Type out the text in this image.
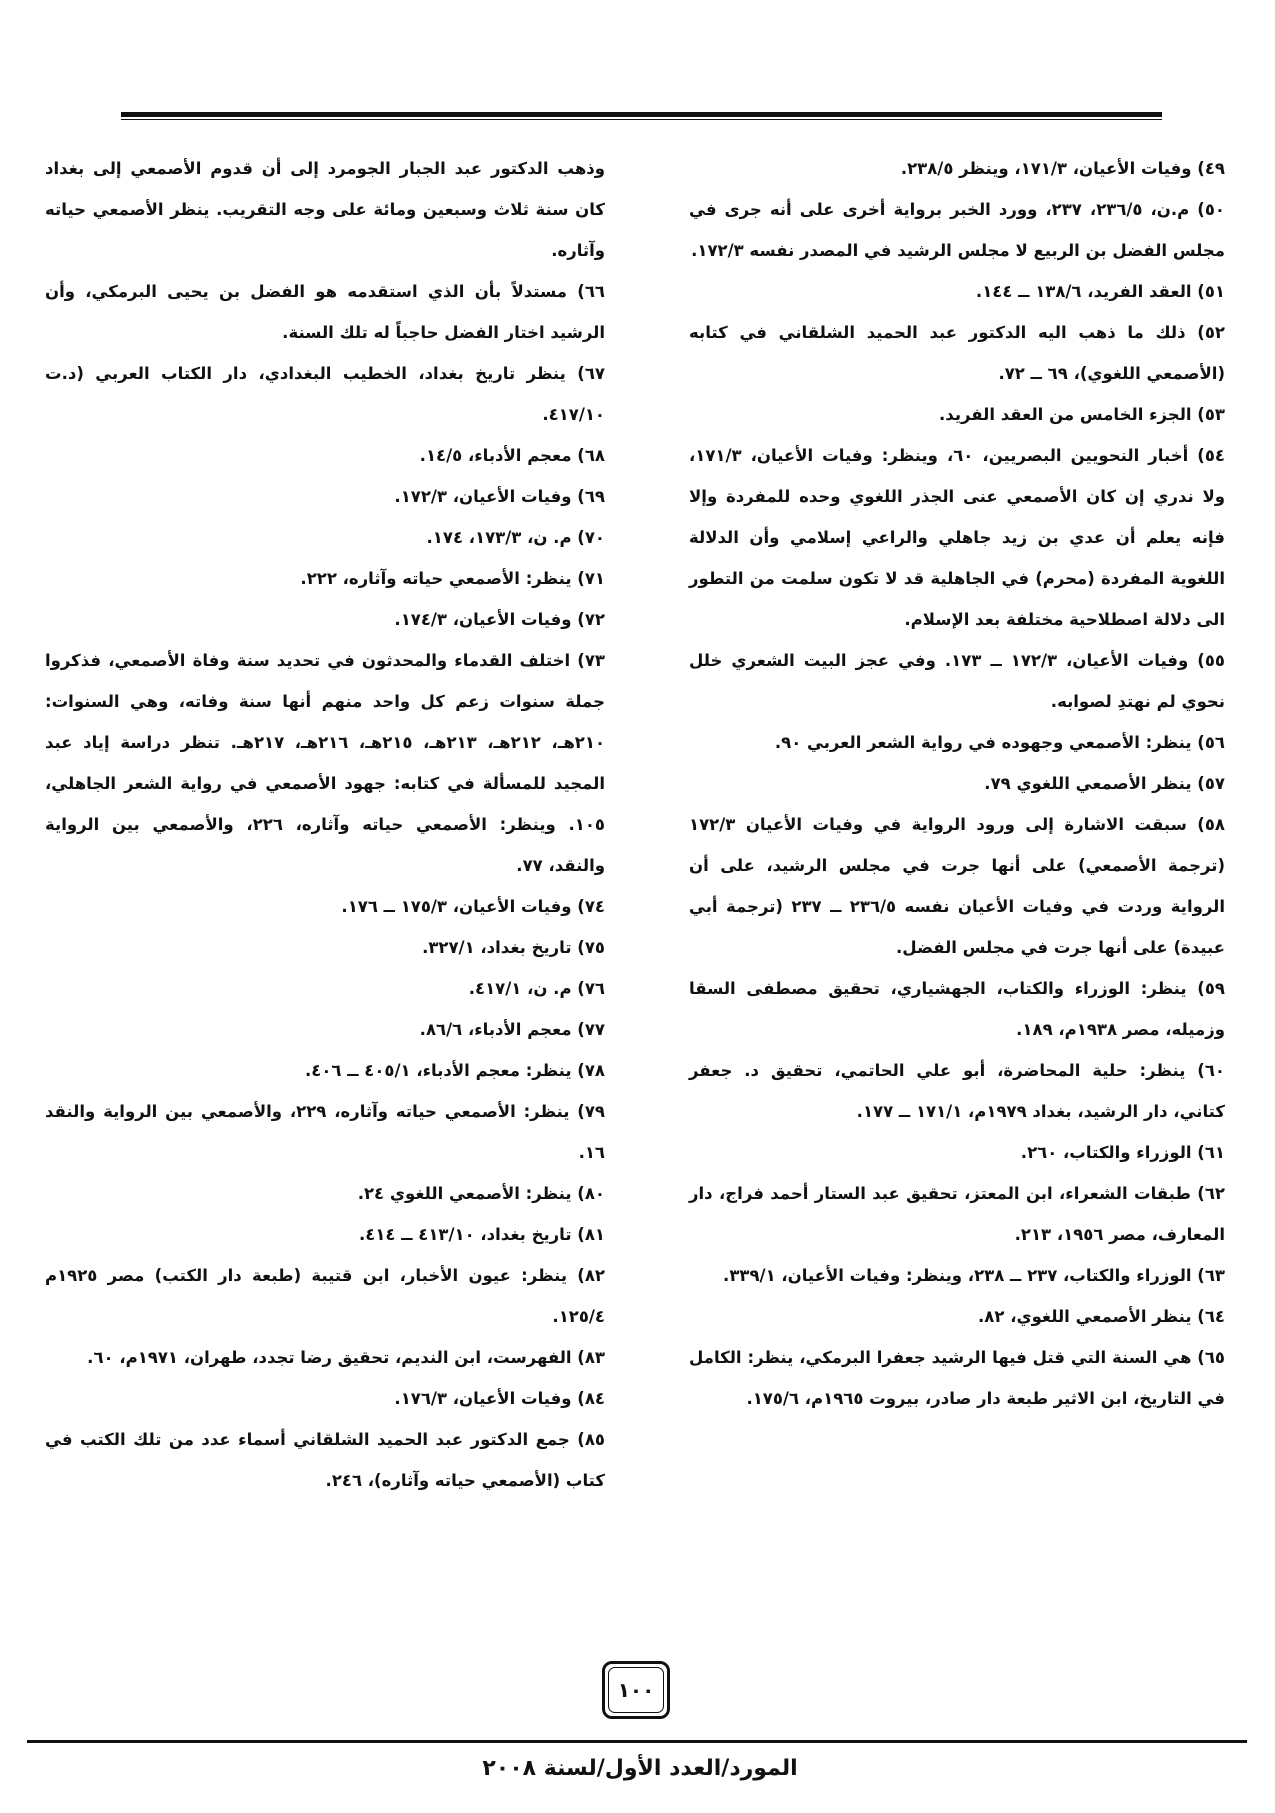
٤٩) وفيات الأعيان، ١٧١/٣، وينظر ٢٣٨/٥.

٥٠) م.ن، ٢٣٦/٥، ٢٣٧، وورد الخبر برواية أخرى على أنه جرى في مجلس الفضل بن الربيع لا مجلس الرشيد في المصدر نفسه ١٧٢/٣.

٥١) العقد الفريد، ١٣٨/٦ ــ ١٤٤.

٥٢) ذلك ما ذهب اليه الدكتور عبد الحميد الشلقاني في كتابه (الأصمعي اللغوي)، ٦٩ ــ ٧٢.

٥٣) الجزء الخامس من العقد الفريد.

٥٤) أخبار النحويين البصريين، ٦٠، وينظر: وفيات الأعيان، ١٧١/٣، ولا ندري إن كان الأصمعي عنى الجذر اللغوي وحده للمفردة وإلا فإنه يعلم أن عدي بن زيد جاهلي والراعي إسلامي وأن الدلالة اللغوية المفردة (محرم) في الجاهلية قد لا تكون سلمت من التطور الى دلالة اصطلاحية مختلفة بعد الإسلام.

٥٥) وفيات الأعيان، ١٧٢/٣ ــ ١٧٣. وفي عجز البيت الشعري خلل نحوي لم نهتدِ لصوابه.

٥٦) ينظر: الأصمعي وجهوده في رواية الشعر العربي ٩٠.

٥٧) ينظر الأصمعي اللغوي ٧٩.

٥٨) سبقت الاشارة إلى ورود الرواية في وفيات الأعيان ١٧٢/٣ (ترجمة الأصمعي) على أنها جرت في مجلس الرشيد، على أن الرواية وردت في وفيات الأعيان نفسه ٢٣٦/٥ ــ ٢٣٧ (ترجمة أبي عبيدة) على أنها جرت في مجلس الفضل.

٥٩) ينظر: الوزراء والكتاب، الجهشياري، تحقيق مصطفى السقا وزميله، مصر ١٩٣٨م، ١٨٩.

٦٠) ينظر: حلية المحاضرة، أبو علي الحاتمي، تحقيق د. جعفر كتاني، دار الرشيد، بغداد ١٩٧٩م، ١٧١/١ ــ ١٧٧.

٦١) الوزراء والكتاب، ٢٦٠.

٦٢) طبقات الشعراء، ابن المعتز، تحقيق عبد الستار أحمد فراج، دار المعارف، مصر ١٩٥٦، ٢١٣.

٦٣) الوزراء والكتاب، ٢٣٧ ــ ٢٣٨، وينظر: وفيات الأعيان، ٣٣٩/١.

٦٤) ينظر الأصمعي اللغوي، ٨٢.

٦٥) هي السنة التي قتل فيها الرشيد جعفرا البرمكي، ينظر: الكامل في التاريخ، ابن الاثير طبعة دار صادر، بيروت ١٩٦٥م، ١٧٥/٦.

وذهب الدكتور عبد الجبار الجومرد إلى أن قدوم الأصمعي إلى بغداد كان سنة ثلاث وسبعين ومائة على وجه التقريب. ينظر الأصمعي حياته وآثاره.

٦٦) مستدلاً بأن الذي استقدمه هو الفضل بن يحيى البرمكي، وأن الرشيد اختار الفضل حاجباً له تلك السنة.

٦٧) ينظر تاريخ بغداد، الخطيب البغدادي، دار الكتاب العربي (د.ت ٤١٧/١٠.

٦٨) معجم الأدباء، ١٤/٥.

٦٩) وفيات الأعيان، ١٧٢/٣.

٧٠) م. ن، ١٧٣/٣، ١٧٤.

٧١) ينظر: الأصمعي حياته وآثاره، ٢٢٢.

٧٢) وفيات الأعيان، ١٧٤/٣.

٧٣) اختلف القدماء والمحدثون في تحديد سنة وفاة الأصمعي، فذكروا جملة سنوات زعم كل واحد منهم أنها سنة وفاته، وهي السنوات: ٢١٠هـ، ٢١٢هـ، ٢١٣هـ، ٢١٥هـ، ٢١٦هـ، ٢١٧هـ. تنظر دراسة إياد عبد المجيد للمسألة في كتابه: جهود الأصمعي في رواية الشعر الجاهلي، ١٠٥. وينظر: الأصمعي حياته وآثاره، ٢٢٦، والأصمعي بين الرواية والنقد، ٧٧.

٧٤) وفيات الأعيان، ١٧٥/٣ ــ ١٧٦.

٧٥) تاريخ بغداد، ٣٢٧/١.

٧٦) م. ن، ٤١٧/١.

٧٧) معجم الأدباء، ٨٦/٦.

٧٨) ينظر: معجم الأدباء، ٤٠٥/١ ــ ٤٠٦.

٧٩) ينظر: الأصمعي حياته وآثاره، ٢٢٩، والأصمعي بين الرواية والنقد ١٦.

٨٠) ينظر: الأصمعي اللغوي ٢٤.

٨١) تاريخ بغداد، ٤١٣/١٠ ــ ٤١٤.

٨٢) ينظر: عيون الأخبار، ابن قتيبة (طبعة دار الكتب) مصر ١٩٢٥م ١٢٥/٤.

٨٣) الفهرست، ابن النديم، تحقيق رضا تجدد، طهران، ١٩٧١م، ٦٠.

٨٤) وفيات الأعيان، ١٧٦/٣.

٨٥) جمع الدكتور عبد الحميد الشلقاني أسماء عدد من تلك الكتب في كتاب (الأصمعي حياته وآثاره)، ٢٤٦.

١٠٠
المورد/العدد الأول/لسنة ٢٠٠٨
